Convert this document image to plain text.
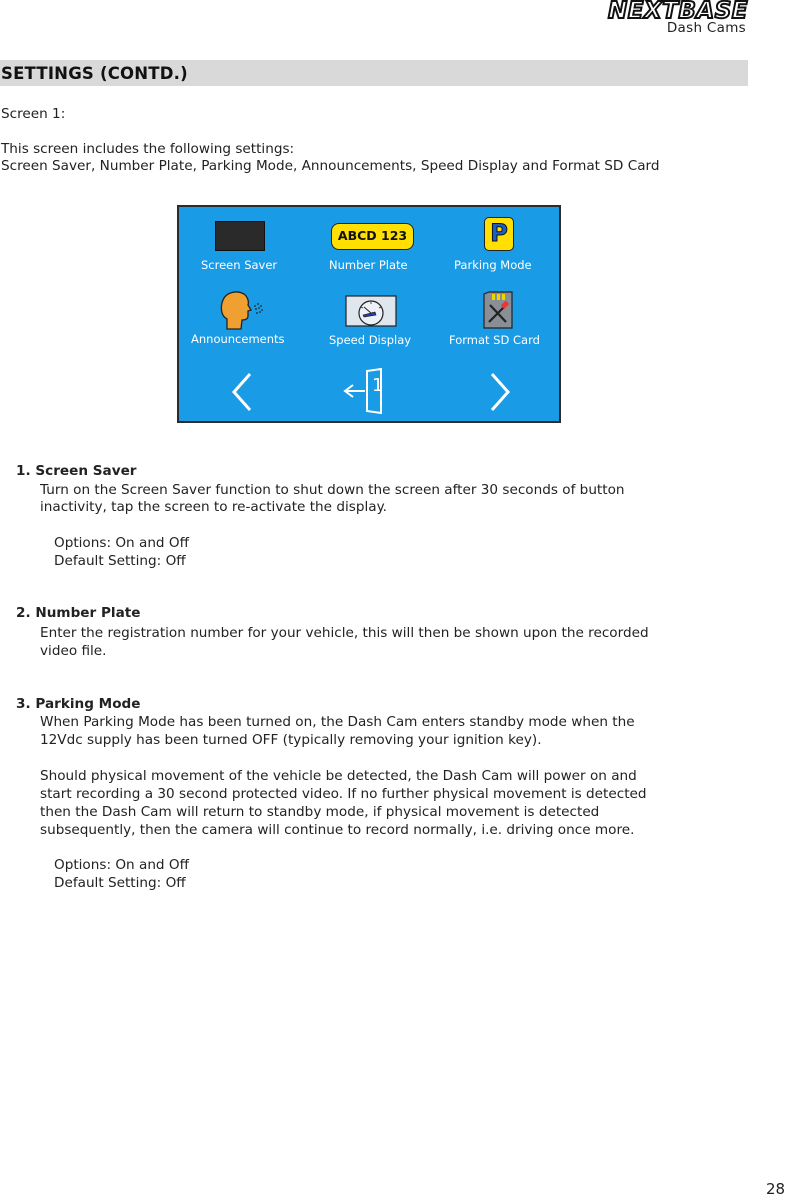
NEXTBASE
Dash Cams
SETTINGS (CONTD.)
Screen 1:
This screen includes the following settings:
Screen Saver, Number Plate, Parking Mode, Announcements, Speed Display and Format SD Card
Screen Saver
ABCD 123
Number Plate
P
Parking Mode
Announcements	Speed Display	Format SD Card
1
1. Screen Saver
Turn on the Screen Saver function to shut down the screen after 30 seconds of button
inactivity, tap the screen to re-activate the display.
Options: On and Off
Default Setting: Off
2. Number Plate
Enter the registration number for your vehicle, this will then be shown upon the recorded
video file.
3. Parking Mode
When Parking Mode has been turned on, the Dash Cam enters standby mode when the
12Vdc supply has been turned OFF (typically removing your ignition key).
Should physical movement of the vehicle be detected, the Dash Cam will power on and
start recording a 30 second protected video. If no further physical movement is detected
then the Dash Cam will return to standby mode, if physical movement is detected
subsequently, then the camera will continue to record normally, i.e. driving once more.
Options: On and Off
Default Setting: Off
28
